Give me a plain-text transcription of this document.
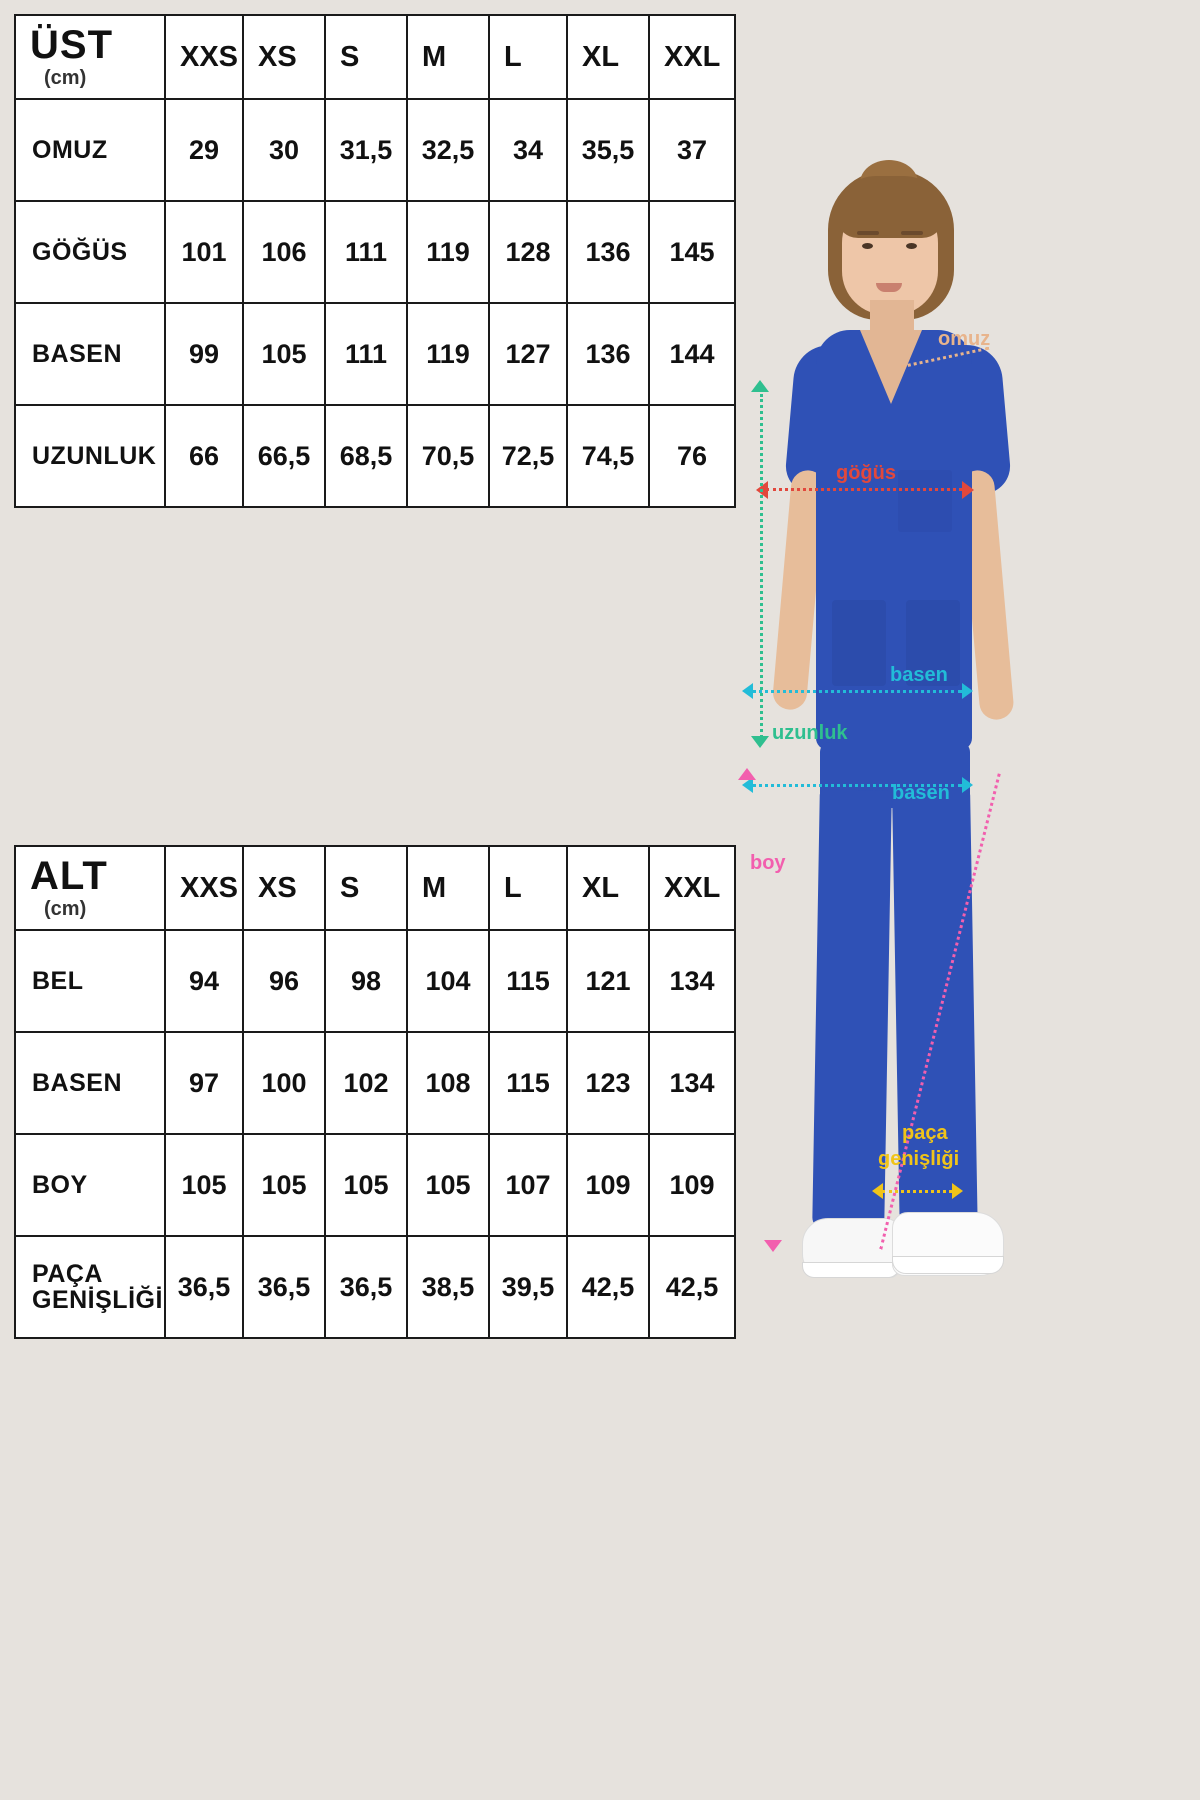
ÜST
(cm)	XXS	XS	S	M	L	XL	XXL
OMUZ	29	30	31,5	32,5	34	35,5	37
GÖĞÜS	101	106	111	119	128	136	145
BASEN	99	105	111	119	127	136	144
UZUNLUK	66	66,5	68,5	70,5	72,5	74,5	76
ALT
(cm)	XXS	XS	S	M	L	XL	XXL
BEL	94	96	98	104	115	121	134
BASEN	97	100	102	108	115	123	134
BOY	105	105	105	105	107	109	109
PAÇA GENİŞLİĞİ	36,5	36,5	36,5	38,5	39,5	42,5	42,5
omuz
göğüs
basen
uzunluk
basen
boy
paça
genişliği
